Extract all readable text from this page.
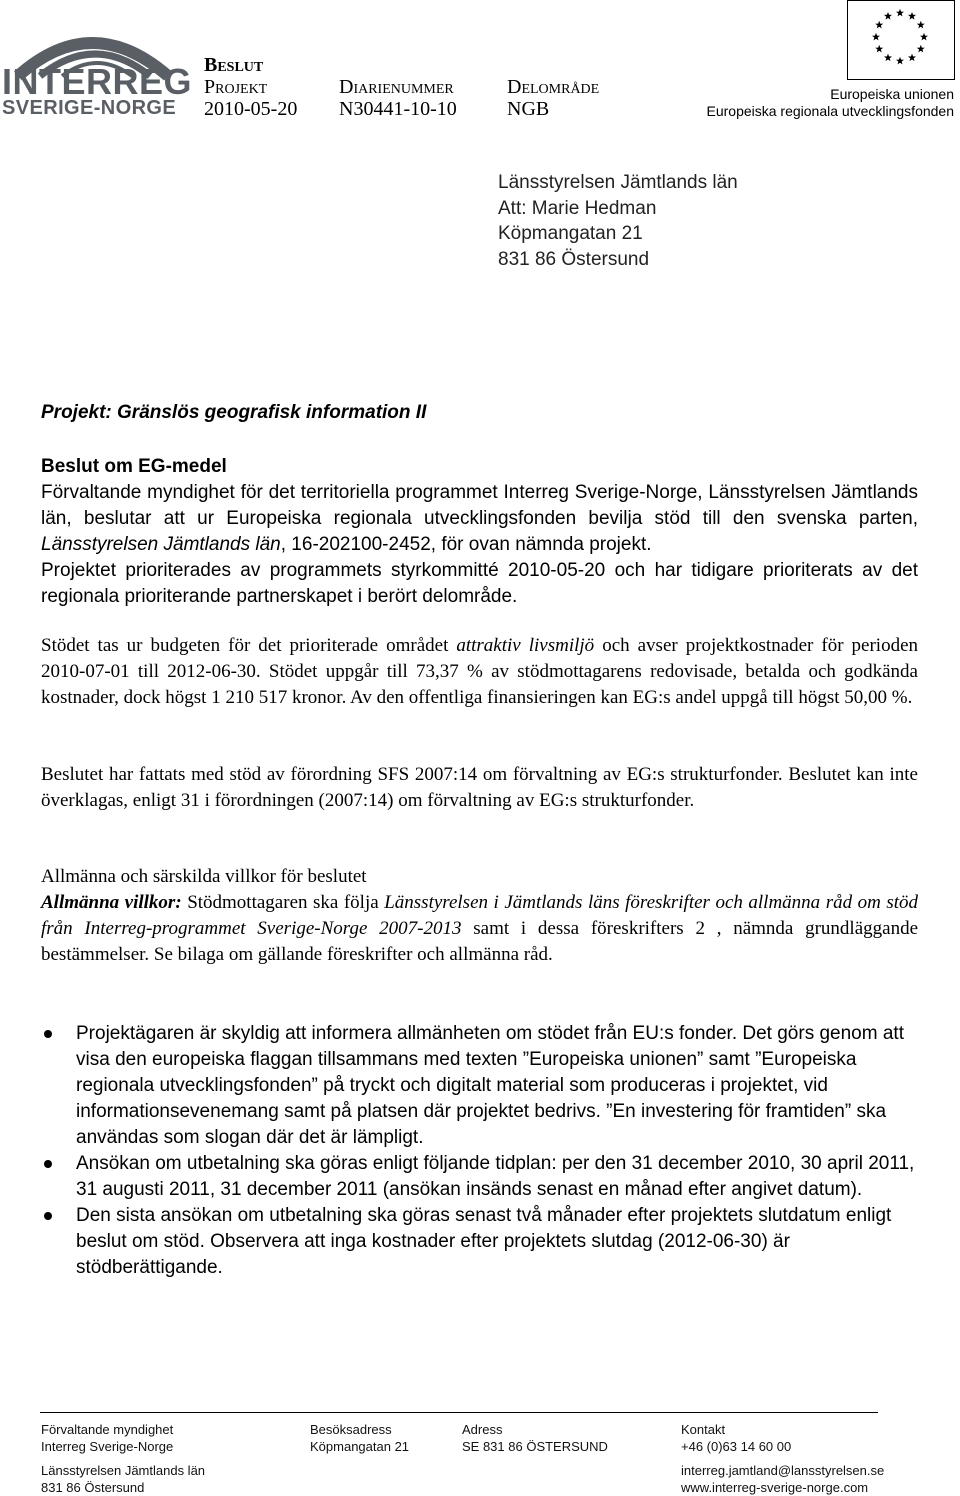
INTERREG
SVERIGE-NORGE
Beslut
Projekt
2010-05-20
Diarienummer
N30441-10-10
Delområde
NGB
Europeiska unionen
Europeiska regionala utvecklingsfonden
Länsstyrelsen Jämtlands län
Att: Marie Hedman
Köpmangatan 21
831 86 Östersund
Projekt: Gränslös geografisk information II

Beslut om EG-medel

Förvaltande myndighet för det territoriella programmet Interreg Sverige-Norge, Länsstyrelsen Jämtlands län, beslutar att ur Europeiska regionala utvecklingsfonden bevilja stöd till den svenska parten, Länsstyrelsen Jämtlands län, 16-202100-2452, för ovan nämnda projekt.

Projektet prioriterades av programmets styrkommitté 2010-05-20 och har tidigare prioriterats av det regionala prioriterande partnerskapet i berört delområde.

Stödet tas ur budgeten för det prioriterade området attraktiv livsmiljö och avser projektkostnader för perioden 2010-07-01 till 2012-06-30. Stödet uppgår till 73,37 % av stödmottagarens redovisade, betalda och godkända kostnader, dock högst 1 210 517 kronor. Av den offentliga finansieringen kan EG:s andel uppgå till högst 50,00 %.

Beslutet har fattats med stöd av förordning SFS 2007:14 om förvaltning av EG:s strukturfonder. Beslutet kan inte överklagas, enligt 31 i förordningen (2007:14) om förvaltning av EG:s strukturfonder.

Allmänna och särskilda villkor för beslutet

Allmänna villkor: Stödmottagaren ska följa Länsstyrelsen i Jämtlands läns föreskrifter och allmänna råd om stöd från Interreg-programmet Sverige-Norge 2007-2013 samt i dessa föreskrifters 2 , nämnda grundläggande bestämmelser. Se bilaga om gällande föreskrifter och allmänna råd.

Projektägaren är skyldig att informera allmänheten om stödet från EU:s fonder. Det görs genom att visa den europeiska flaggan tillsammans med texten ”Europeiska unionen” samt ”Europeiska regionala utvecklingsfonden” på tryckt och digitalt material som produceras i projektet, vid informationsevenemang samt på platsen där projektet bedrivs. ”En investering för framtiden” ska användas som slogan där det är lämpligt.

Ansökan om utbetalning ska göras enligt följande tidplan: per den 31 december 2010, 30 april 2011, 31 augusti 2011, 31 december 2011 (ansökan insänds senast en månad efter angivet datum).

Den sista ansökan om utbetalning ska göras senast två månader efter projektets slutdatum enligt beslut om stöd. Observera att inga kostnader efter projektets slutdag (2012-06-30) är stödberättigande.

Förvaltande myndighet
Interreg Sverige-Norge
Länsstyrelsen Jämtlands län
831 86 Östersund
Besöksadress
Köpmangatan 21
Adress
SE 831 86 ÖSTERSUND
Kontakt
+46 (0)63 14 60 00
interreg.jamtland@lansstyrelsen.se
www.interreg-sverige-norge.com
